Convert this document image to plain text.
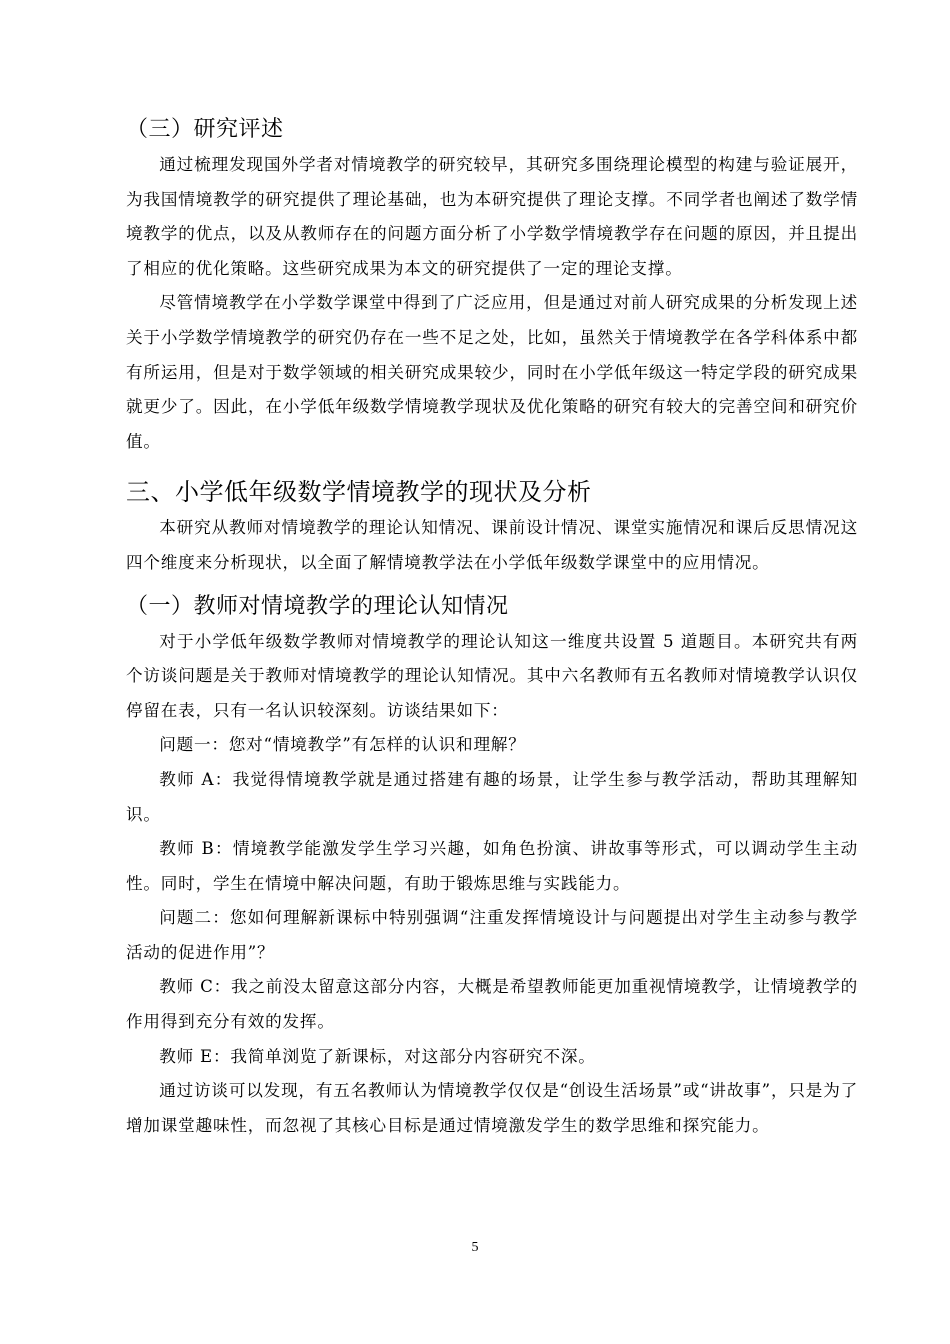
（三）研究评述

通过梳理发现国外学者对情境教学的研究较早，其研究多围绕理论模型的构建与验证展开，为我国情境教学的研究提供了理论基础，也为本研究提供了理论支撑。不同学者也阐述了数学情境教学的优点，以及从教师存在的问题方面分析了小学数学情境教学存在问题的原因，并且提出了相应的优化策略。这些研究成果为本文的研究提供了一定的理论支撑。

尽管情境教学在小学数学课堂中得到了广泛应用，但是通过对前人研究成果的分析发现上述关于小学数学情境教学的研究仍存在一些不足之处，比如，虽然关于情境教学在各学科体系中都有所运用，但是对于数学领域的相关研究成果较少，同时在小学低年级这一特定学段的研究成果就更少了。因此，在小学低年级数学情境教学现状及优化策略的研究有较大的完善空间和研究价值。

三、小学低年级数学情境教学的现状及分析

本研究从教师对情境教学的理论认知情况、课前设计情况、课堂实施情况和课后反思情况这四个维度来分析现状，以全面了解情境教学法在小学低年级数学课堂中的应用情况。

（一）教师对情境教学的理论认知情况

对于小学低年级数学教师对情境教学的理论认知这一维度共设置 5 道题目。本研究共有两个访谈问题是关于教师对情境教学的理论认知情况。其中六名教师有五名教师对情境教学认识仅停留在表，只有一名认识较深刻。访谈结果如下：

问题一：您对“情境教学”有怎样的认识和理解？

教师 A：我觉得情境教学就是通过搭建有趣的场景，让学生参与教学活动，帮助其理解知识。

教师 B：情境教学能激发学生学习兴趣，如角色扮演、讲故事等形式，可以调动学生主动性。同时，学生在情境中解决问题，有助于锻炼思维与实践能力。

问题二：您如何理解新课标中特别强调“注重发挥情境设计与问题提出对学生主动参与教学活动的促进作用”？

教师 C：我之前没太留意这部分内容，大概是希望教师能更加重视情境教学，让情境教学的作用得到充分有效的发挥。

教师 E：我简单浏览了新课标，对这部分内容研究不深。

通过访谈可以发现，有五名教师认为情境教学仅仅是“创设生活场景”或“讲故事”，只是为了增加课堂趣味性，而忽视了其核心目标是通过情境激发学生的数学思维和探究能力。

5
